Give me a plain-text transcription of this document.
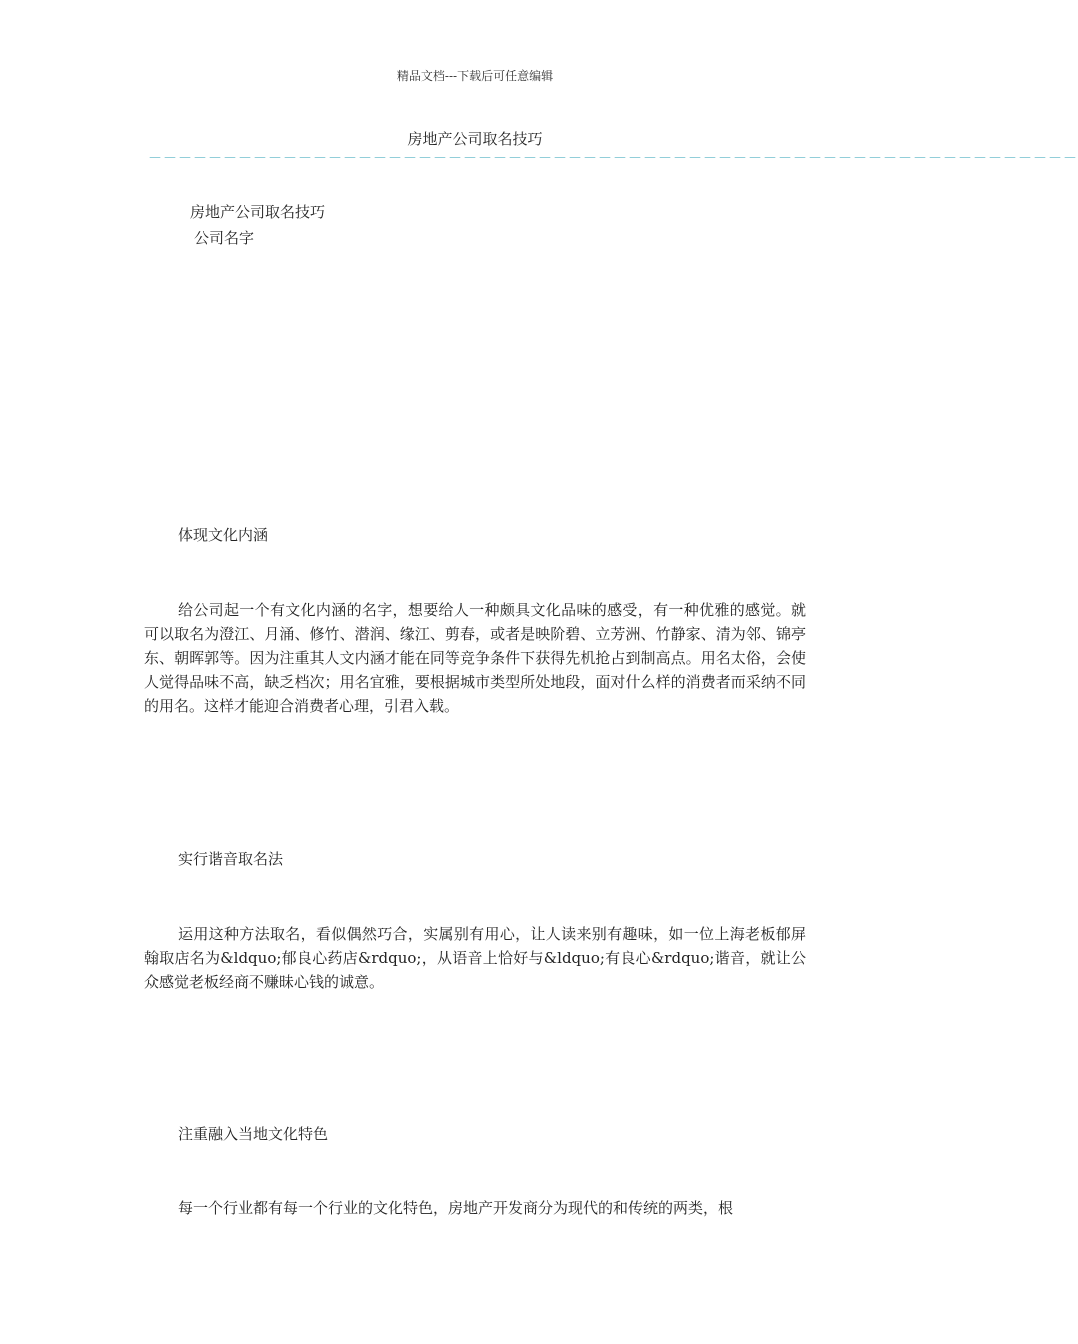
精品文档---下载后可任意编辑
房地产公司取名技巧
－－－－－－－－－－－－－－－－－－－－－－－－－－－－－－－－－－－－－－－－－－－－－－－－－－－－－－－－－－－－－－
房地产公司取名技巧
公司名字
体现文化内涵
给公司起一个有文化内涵的名字，想要给人一种颇具文化品味的感受，有一种优雅的感觉。就可以取名为澄江、月涌、修竹、潜润、缘江、剪春，或者是映阶碧、立芳洲、竹静家、清为邻、锦亭东、朝晖郭等。因为注重其人文内涵才能在同等竞争条件下获得先机抢占到制高点。用名太俗，会使人觉得品味不高，缺乏档次；用名宜雅，要根据城市类型所处地段，面对什么样的消费者而采纳不同的用名。这样才能迎合消费者心理，引君入载。
实行谐音取名法
运用这种方法取名，看似偶然巧合，实属别有用心，让人读来别有趣味，如一位上海老板郁屏翰取店名为&ldquo;郁良心药店&rdquo;，从语音上恰好与&ldquo;有良心&rdquo;谐音，就让公众感觉老板经商不赚昧心钱的诚意。
注重融入当地文化特色
每一个行业都有每一个行业的文化特色，房地产开发商分为现代的和传统的两类，根
